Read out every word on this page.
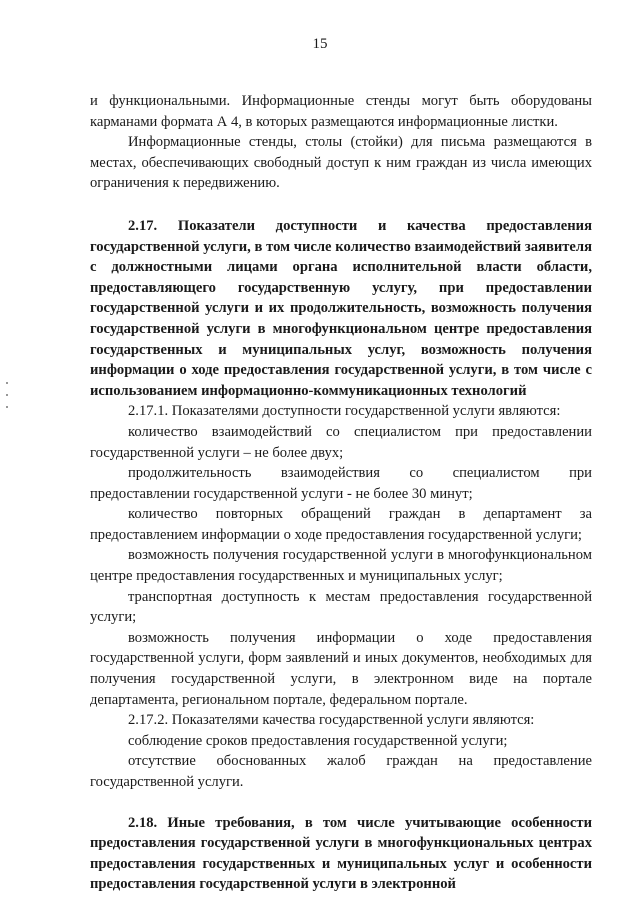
15

и функциональными. Информационные стенды могут быть оборудованы карманами формата А 4, в которых размещаются информационные листки.

Информационные стенды, столы (стойки) для письма размещаются в местах, обеспечивающих свободный доступ к ним граждан из числа имеющих ограничения к передвижению.

2.17. Показатели доступности и качества предоставления государственной услуги, в том числе количество взаимодействий заявителя с должностными лицами органа исполнительной власти области, предоставляющего государственную услугу, при предоставлении государственной услуги и их продолжительность, возможность получения государственной услуги в многофункциональном центре предоставления государственных и муниципальных услуг, возможность получения информации о ходе предоставления государственной услуги, в том числе с использованием информационно-коммуникационных технологий

2.17.1. Показателями доступности государственной услуги являются:

количество взаимодействий со специалистом при предоставлении государственной услуги – не более двух;

продолжительность взаимодействия со специалистом при предоставлении государственной услуги - не более 30 минут;

количество повторных обращений граждан в департамент за предоставлением информации о ходе предоставления государственной услуги;

возможность получения государственной услуги в многофункциональном центре предоставления государственных и муниципальных услуг;

транспортная доступность к местам предоставления государственной услуги;

возможность получения информации о ходе предоставления государственной услуги, форм заявлений и иных документов, необходимых для получения государственной услуги, в электронном виде на портале департамента, региональном портале, федеральном портале.

2.17.2. Показателями качества государственной услуги являются:

соблюдение сроков предоставления государственной услуги;

отсутствие обоснованных жалоб граждан на предоставление государственной услуги.

2.18. Иные требования, в том числе учитывающие особенности предоставления государственной услуги в многофункциональных центрах предоставления государственных и муниципальных услуг и особенности предоставления государственной услуги в электронной
